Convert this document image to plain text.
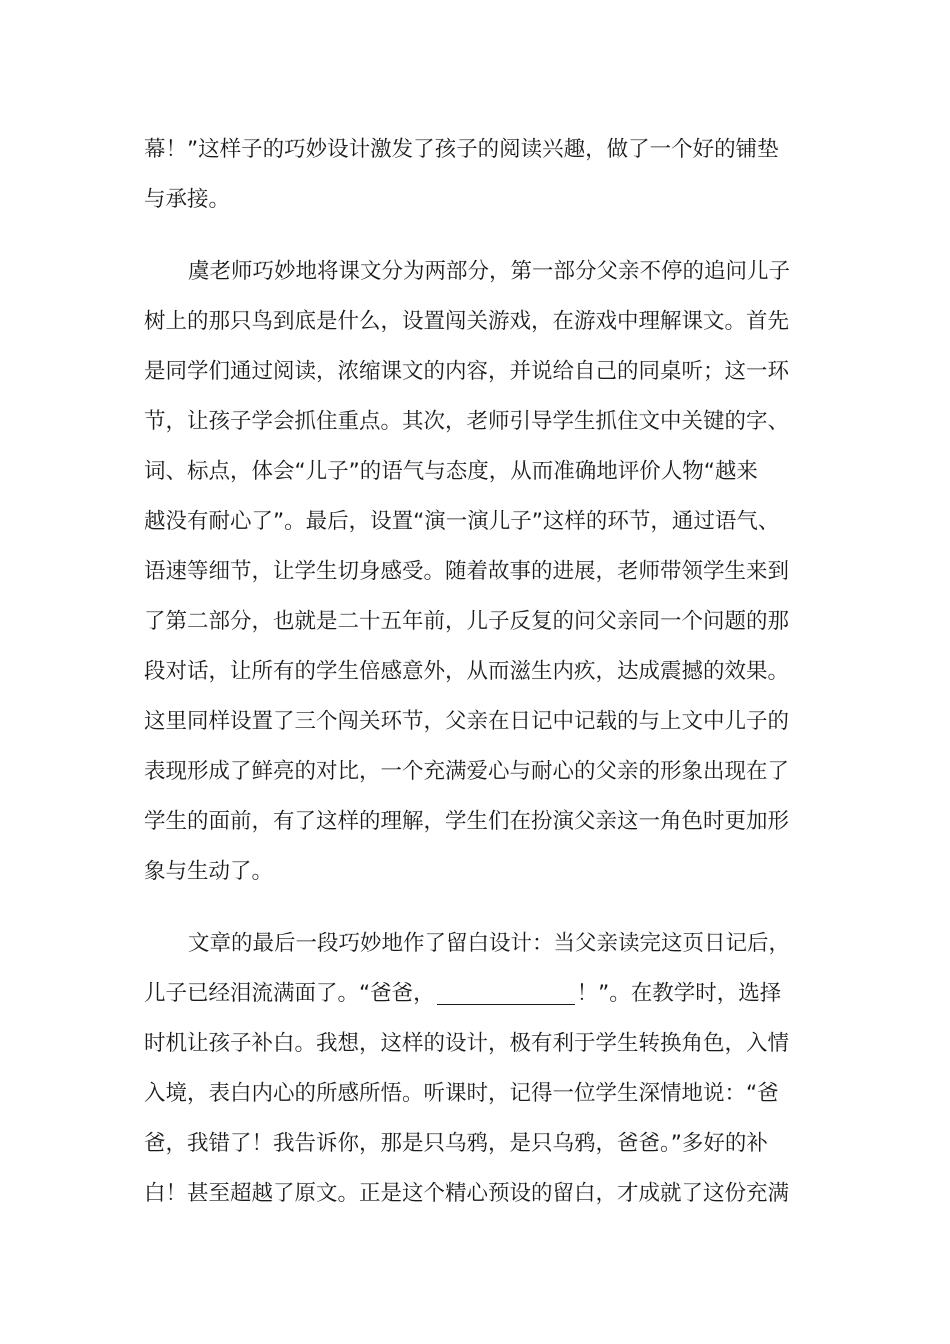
幕！”这样子的巧妙设计激发了孩子的阅读兴趣，做了一个好的铺垫
与承接。
虞老师巧妙地将课文分为两部分，第一部分父亲不停的追问儿子
树上的那只鸟到底是什么，设置闯关游戏，在游戏中理解课文。首先
是同学们通过阅读，浓缩课文的内容，并说给自己的同桌听；这一环
节，让孩子学会抓住重点。其次，老师引导学生抓住文中关键的字、
词、标点，体会“儿子”的语气与态度，从而准确地评价人物“越来
越没有耐心了”。最后，设置“演一演儿子”这样的环节，通过语气、
语速等细节，让学生切身感受。随着故事的进展，老师带领学生来到
了第二部分，也就是二十五年前，儿子反复的问父亲同一个问题的那
段对话，让所有的学生倍感意外，从而滋生内疚，达成震撼的效果。
这里同样设置了三个闯关环节，父亲在日记中记载的与上文中儿子的
表现形成了鲜亮的对比，一个充满爱心与耐心的父亲的形象出现在了
学生的面前，有了这样的理解，学生们在扮演父亲这一角色时更加形
象与生动了。
文章的最后一段巧妙地作了留白设计：当父亲读完这页日记后，
儿子已经泪流满面了。“爸爸，	！”。在教学时，选择
时机让孩子补白。我想，这样的设计，极有利于学生转换角色，入情
入境，表白内心的所感所悟。听课时，记得一位学生深情地说：“爸
爸，我错了！我告诉你，那是只乌鸦，是只乌鸦，爸爸。”多好的补
白！甚至超越了原文。正是这个精心预设的留白，才成就了这份充满
